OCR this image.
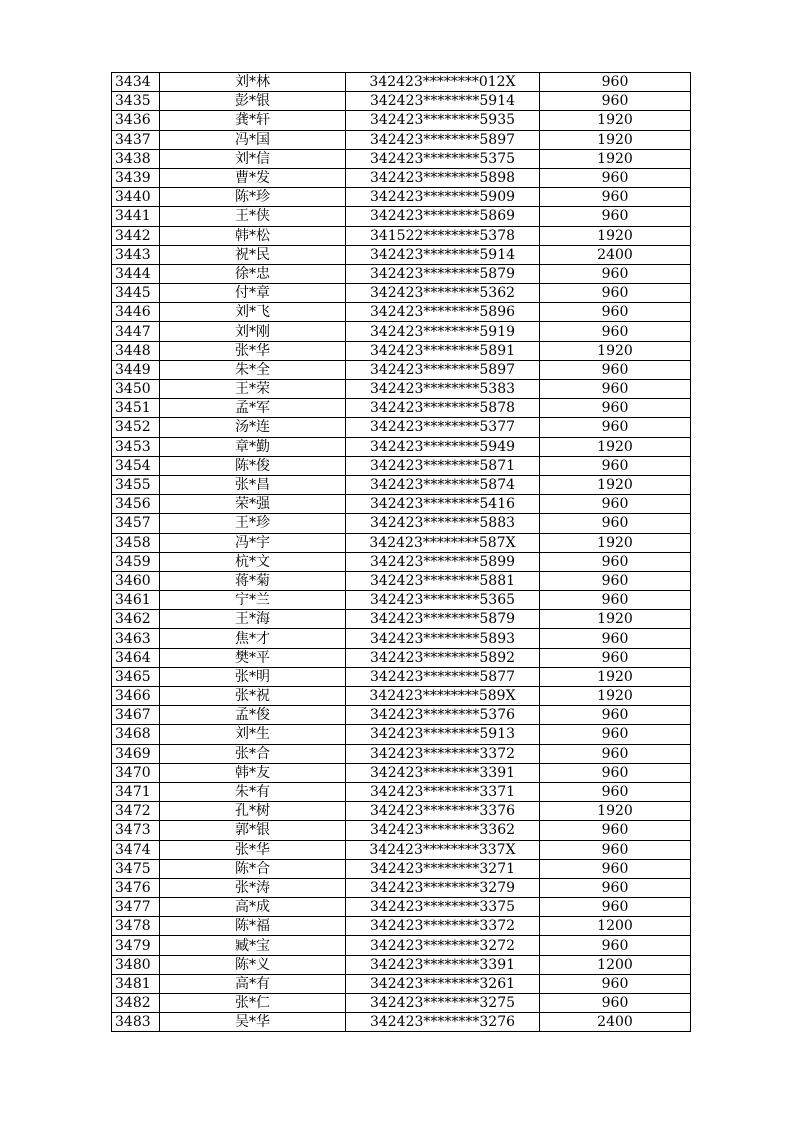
3434	刘*林	342423********012X	960
3435	彭*银	342423********5914	960
3436	龚*轩	342423********5935	1920
3437	冯*国	342423********5897	1920
3438	刘*信	342423********5375	1920
3439	曹*发	342423********5898	960
3440	陈*珍	342423********5909	960
3441	王*侠	342423********5869	960
3442	韩*松	341522********5378	1920
3443	祝*民	342423********5914	2400
3444	徐*忠	342423********5879	960
3445	付*章	342423********5362	960
3446	刘*飞	342423********5896	960
3447	刘*刚	342423********5919	960
3448	张*华	342423********5891	1920
3449	朱*全	342423********5897	960
3450	王*荣	342423********5383	960
3451	孟*军	342423********5878	960
3452	汤*连	342423********5377	960
3453	章*勤	342423********5949	1920
3454	陈*俊	342423********5871	960
3455	张*昌	342423********5874	1920
3456	荣*强	342423********5416	960
3457	王*珍	342423********5883	960
3458	冯*宇	342423********587X	1920
3459	杭*文	342423********5899	960
3460	蒋*菊	342423********5881	960
3461	宁*兰	342423********5365	960
3462	王*海	342423********5879	1920
3463	焦*才	342423********5893	960
3464	樊*平	342423********5892	960
3465	张*明	342423********5877	1920
3466	张*祝	342423********589X	1920
3467	孟*俊	342423********5376	960
3468	刘*生	342423********5913	960
3469	张*合	342423********3372	960
3470	韩*友	342423********3391	960
3471	朱*有	342423********3371	960
3472	孔*树	342423********3376	1920
3473	郭*银	342423********3362	960
3474	张*华	342423********337X	960
3475	陈*合	342423********3271	960
3476	张*涛	342423********3279	960
3477	高*成	342423********3375	960
3478	陈*福	342423********3372	1200
3479	臧*宝	342423********3272	960
3480	陈*义	342423********3391	1200
3481	高*有	342423********3261	960
3482	张*仁	342423********3275	960
3483	吴*华	342423********3276	2400
